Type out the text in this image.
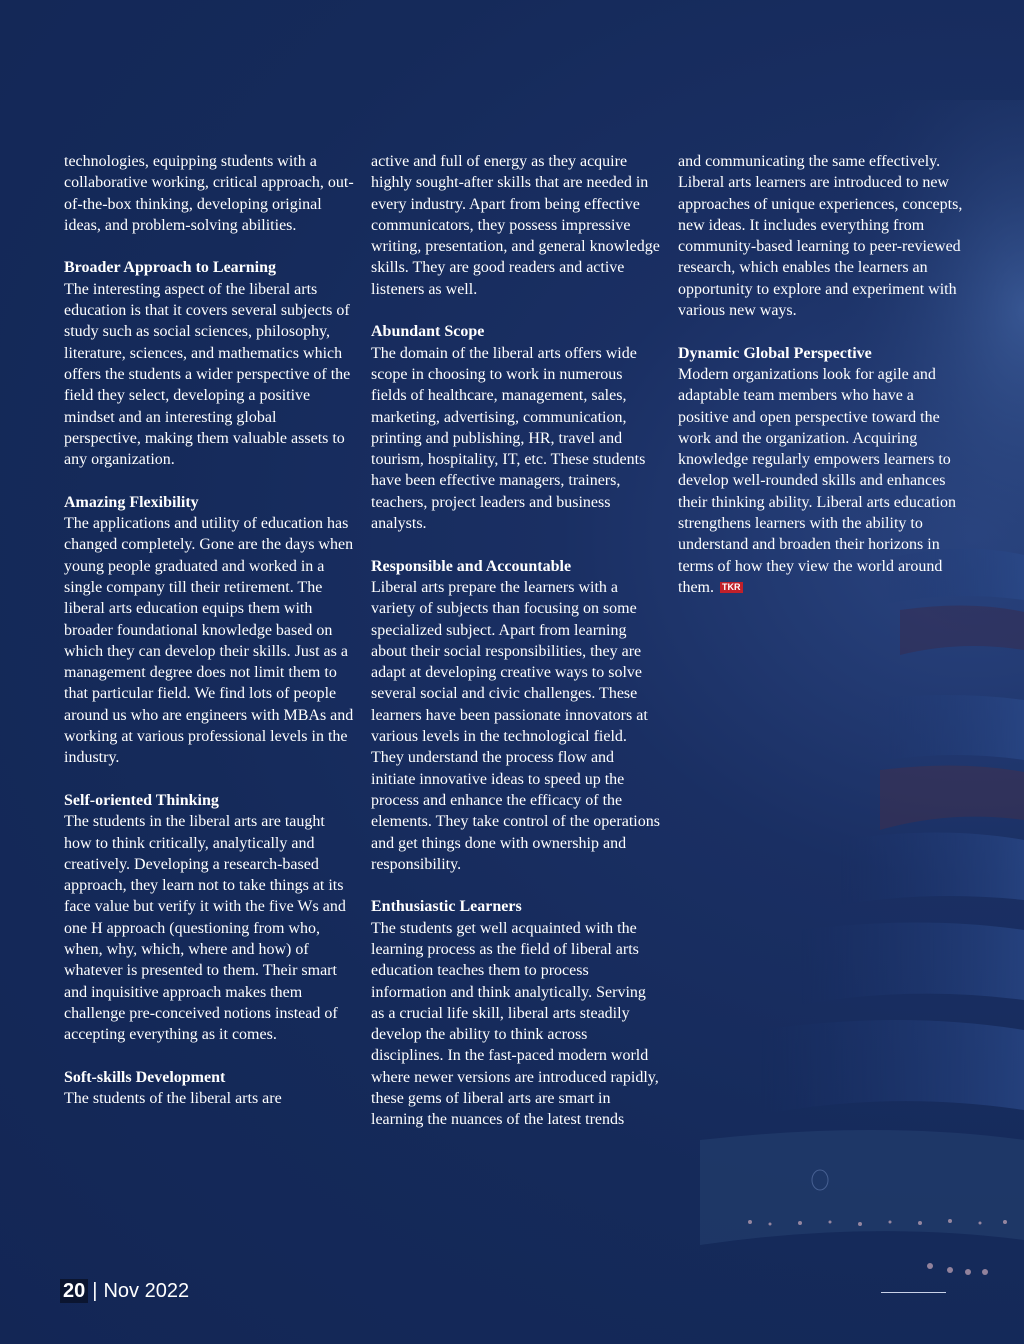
technologies, equipping students with a collaborative working, critical approach, out-of-the-box thinking, developing original ideas, and problem-solving abilities.

Broader Approach to Learning

The interesting aspect of the liberal arts education is that it covers several subjects of study such as social sciences, philosophy, literature, sciences, and mathematics which offers the students a wider perspective of the field they select, developing a positive mindset and an interesting global perspective, making them valuable assets to any organization.

Amazing Flexibility

The applications and utility of education has changed completely. Gone are the days when young people graduated and worked in a single company till their retirement. The liberal arts education equips them with broader foundational knowledge based on which they can develop their skills. Just as a management degree does not limit them to that particular field. We find lots of people around us who are engineers with MBAs and working at various professional levels in the industry.

Self-oriented Thinking

The students in the liberal arts are taught how to think critically, analytically and creatively. Developing a research-based approach, they learn not to take things at its face value but verify it with the five Ws and one H approach (questioning from who, when, why, which, where and how) of whatever is presented to them. Their smart and inquisitive approach makes them challenge pre-conceived notions instead of accepting everything as it comes.

Soft-skills Development

The students of the liberal arts are

active and full of energy as they acquire highly sought-after skills that are needed in every industry. Apart from being effective communicators, they possess impressive writing, presentation, and general knowledge skills. They are good readers and active listeners as well.

Abundant Scope

The domain of the liberal arts offers wide scope in choosing to work in numerous fields of healthcare, management, sales, marketing, advertising, communication, printing and publishing, HR, travel and tourism, hospitality, IT, etc. These students have been effective managers, trainers, teachers, project leaders and business analysts.

Responsible and Accountable

Liberal arts prepare the learners with a variety of subjects than focusing on some specialized subject. Apart from learning about their social responsibilities, they are adapt at developing creative ways to solve several social and civic challenges. These learners have been passionate innovators at various levels in the technological field. They understand the process flow and initiate innovative ideas to speed up the process and enhance the efficacy of the elements. They take control of the operations and get things done with ownership and responsibility.

Enthusiastic Learners

The students get well acquainted with the learning process as the field of liberal arts education teaches them to process information and think analytically. Serving as a crucial life skill, liberal arts steadily develop the ability to think across disciplines. In the fast-paced modern world where newer versions are introduced rapidly, these gems of liberal arts are smart in learning the nuances of the latest trends

and communicating the same effectively. Liberal arts learners are introduced to new approaches of unique experiences, concepts, new ideas. It includes everything from community-based learning to peer-reviewed research, which enables the learners an opportunity to explore and experiment with various new ways.

Dynamic Global Perspective

Modern organizations look for agile and adaptable team members who have a positive and open perspective toward the work and the organization. Acquiring knowledge regularly empowers learners to develop well-rounded skills and enhances their thinking ability. Liberal arts education strengthens learners with the ability to understand and broaden their horizons in terms of how they view the world around them. TKR

20 | Nov 2022
